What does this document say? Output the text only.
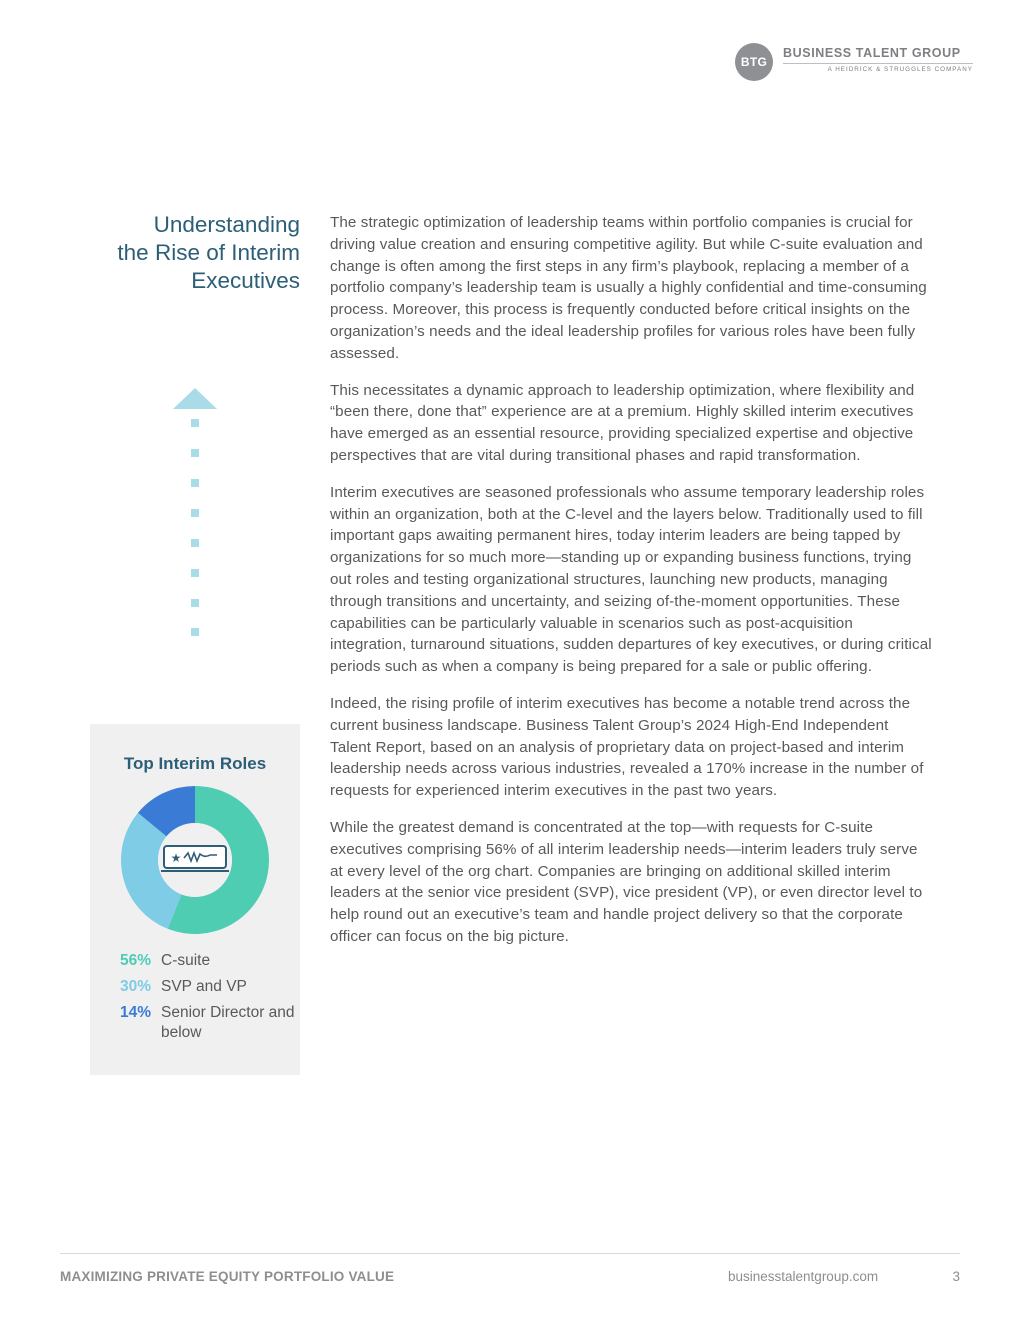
BTG
BUSINESS TALENT GROUP
A HEIDRICK & STRUGGLES COMPANY
Understanding
the Rise of Interim
Executives

The strategic optimization of leadership teams within portfolio companies is crucial for driving value creation and ensuring competitive agility. But while C-suite evaluation and change is often among the first steps in any firm’s playbook, replacing a member of a portfolio company’s leadership team is usually a highly confidential and time-consuming process. Moreover, this process is frequently conducted before critical insights on the organization’s needs and the ideal leadership profiles for various roles have been fully assessed.

This necessitates a dynamic approach to leadership optimization, where flexibility and “been there, done that” experience are at a premium. Highly skilled interim executives have emerged as an essential resource, providing specialized expertise and objective perspectives that are vital during transitional phases and rapid transformation.

Interim executives are seasoned professionals who assume temporary leadership roles within an organization, both at the C-level and the layers below. Traditionally used to fill important gaps awaiting permanent hires, today interim leaders are being tapped by organizations for so much more—standing up or expanding business functions, trying out roles and testing organizational structures, launching new products, managing through transitions and uncertainty, and seizing of-the-moment opportunities. These capabilities can be particularly valuable in scenarios such as post-acquisition integration, turnaround situations, sudden departures of key executives, or during critical periods such as when a company is being prepared for a sale or public offering.

Indeed, the rising profile of interim executives has become a notable trend across the current business landscape. Business Talent Group’s 2024 High-End Independent Talent Report, based on an analysis of proprietary data on project-based and interim leadership needs across various industries, revealed a 170% increase in the number of requests for experienced interim executives in the past two years.

While the greatest demand is concentrated at the top—with requests for C-suite executives comprising 56% of all interim leadership needs—interim leaders truly serve at every level of the org chart. Companies are bringing on additional skilled interim leaders at the senior vice president (SVP), vice president (VP), or even director level to help round out an executive’s team and handle project delivery so that the corporate officer can focus on the big picture.

Top Interim Roles
★
56% C-suite
30% SVP and VP
14% Senior Director and below
MAXIMIZING PRIVATE EQUITY PORTFOLIO VALUE	businesstalentgroup.com	3
